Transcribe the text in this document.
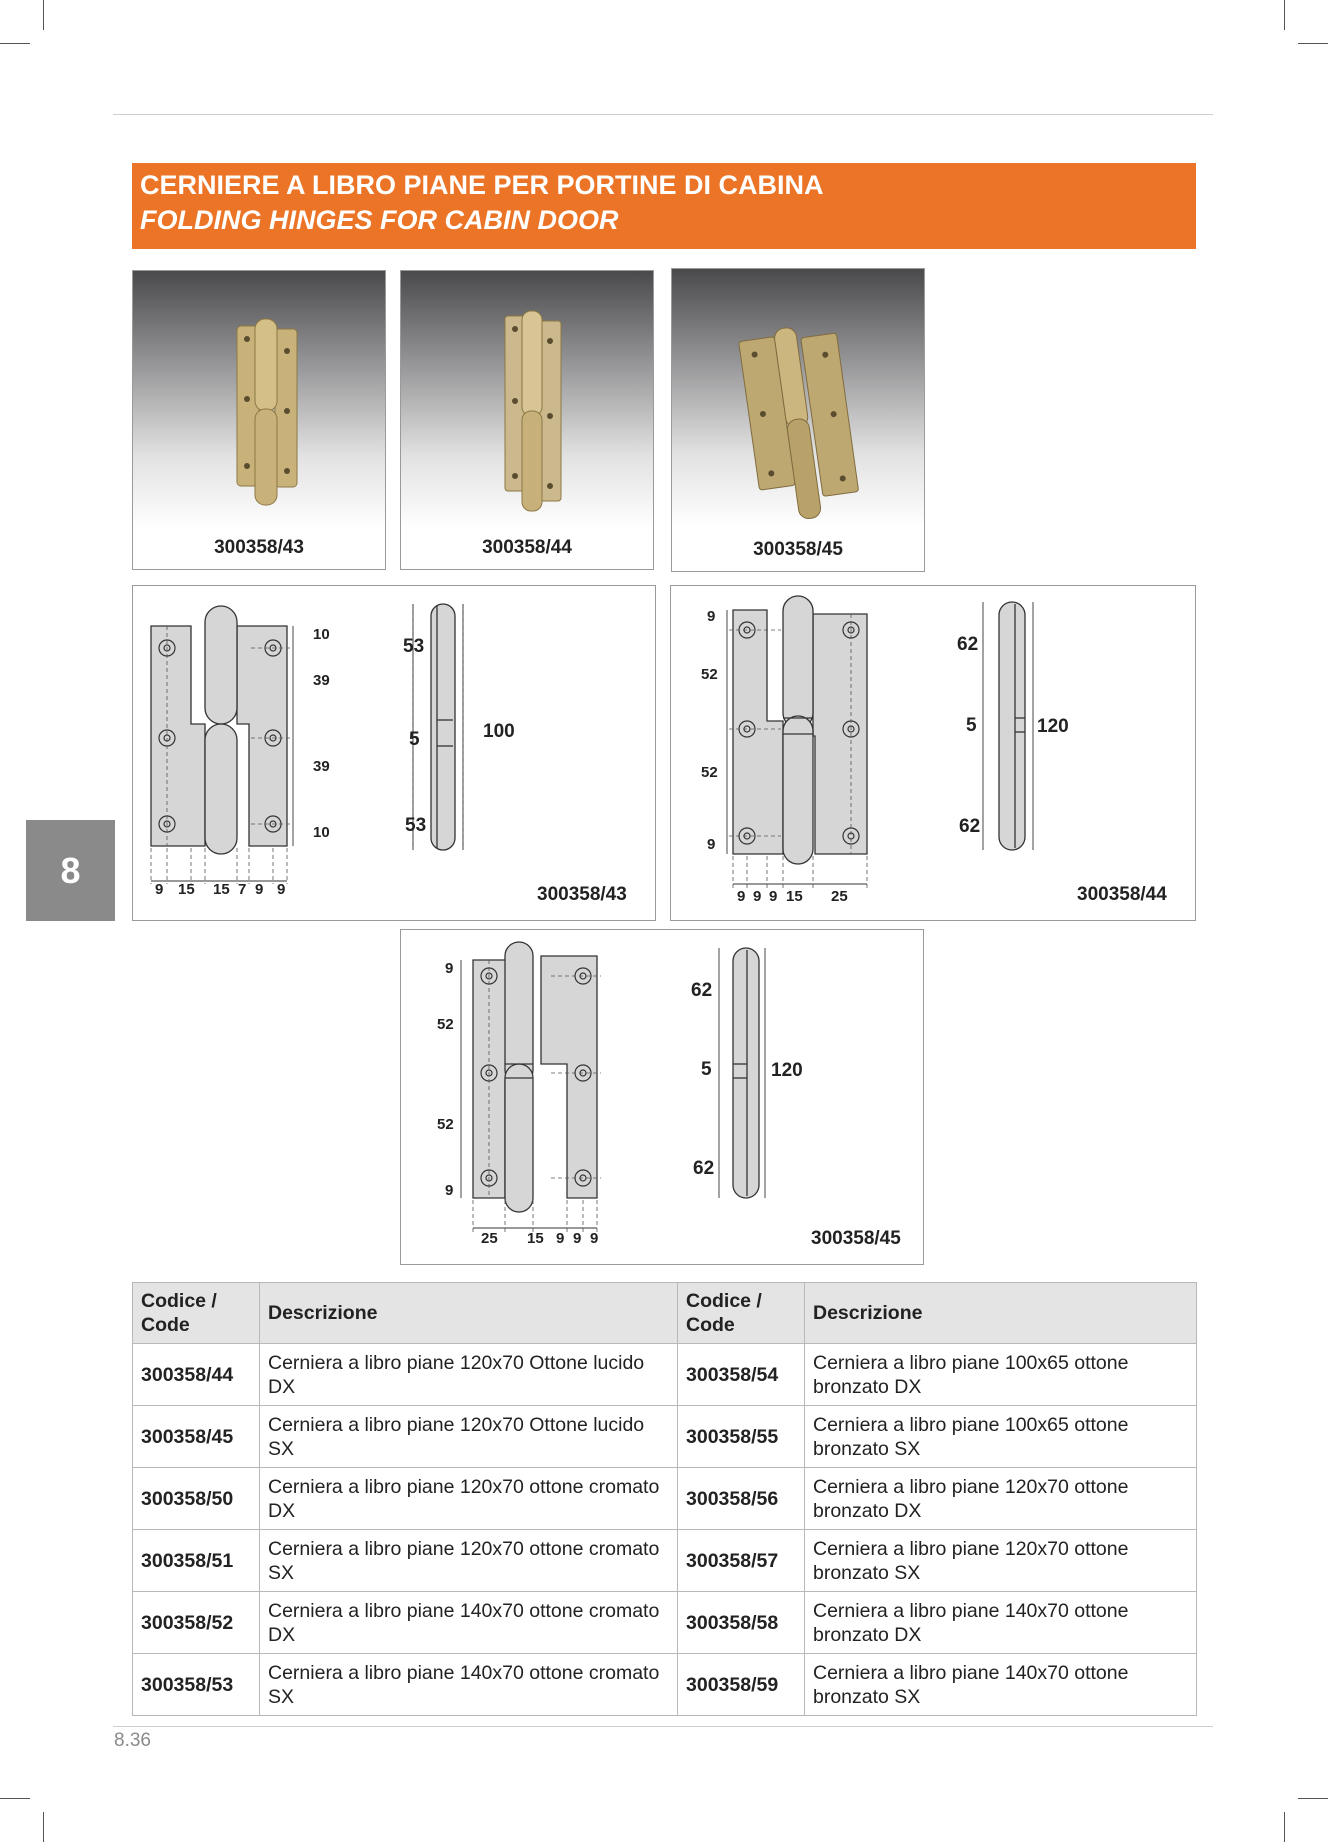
CERNIERE A LIBRO PIANE PER PORTINE DI CABINA
FOLDING HINGES FOR CABIN DOOR
300358/43	300358/44	300358/45
10
39
39
10
9 15 15 7 9 9
53
5
53
100
300358/43
9
52
52
9
9 9 9 15 25
62
5
62
120
300358/44
9
52
52
9
25 15 9 9 9
62
5
62
120
300358/45
8
Codice / Code	Descrizione	Codice / Code	Descrizione
300358/44	Cerniera a libro piane 120x70 Ottone lucido DX	300358/54	Cerniera a libro piane 100x65 ottone bronzato DX
300358/45	Cerniera a libro piane 120x70 Ottone lucido SX	300358/55	Cerniera a libro piane 100x65 ottone bronzato SX
300358/50	Cerniera a libro piane 120x70 ottone cromato DX	300358/56	Cerniera a libro piane 120x70 ottone bronzato DX
300358/51	Cerniera a libro piane 120x70 ottone cromato SX	300358/57	Cerniera a libro piane 120x70 ottone bronzato SX
300358/52	Cerniera a libro piane 140x70 ottone cromato DX	300358/58	Cerniera a libro piane 140x70 ottone bronzato DX
300358/53	Cerniera a libro piane 140x70 ottone cromato SX	300358/59	Cerniera a libro piane 140x70 ottone bronzato SX
8.36
